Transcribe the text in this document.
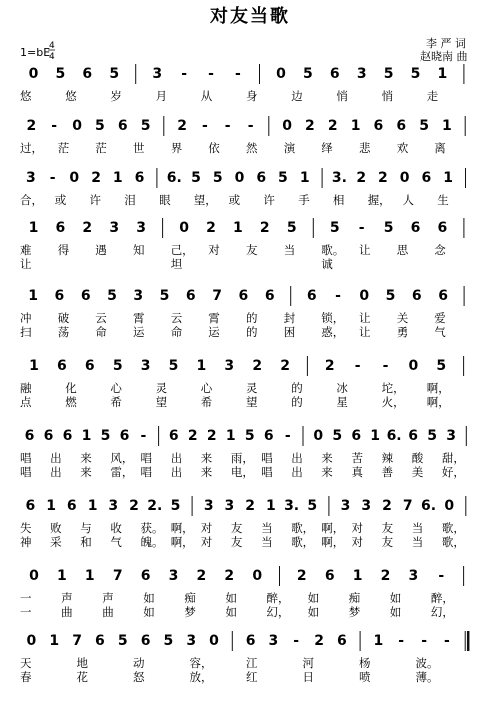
对友当歌
李 严 词
赵晓南 曲
1=bE
4
4
0 5 6 5 3 - - -	0 5 6 3 5 5 1
悠	悠	岁	月	从	身	边	悄	悄	走
2 - 0 5 6 5 2 - - - 0 2 2 1 6 6 5 1
过， 茫 茫 世 界 依 然 演 绎 悲 欢 离
3 - 0 2 1 6 6. 5 5 0 6 5 1 3. 2 2 0 6 1
合， 或 许 泪 眼 望， 或 许 手 相 握， 人 生
1 6 2 3 3 0 2 1 2 5 5 - 5 6 6
难 得 遇 知 己， 对 友 当 歌。 让 思 念
让	坦	诚
1 6 6 5 3 5 6 7 6 6 6 - 0 5 6 6
冲 破 云 霄 云 霄 的 封 锁， 让 关 爱
扫 荡 命 运 命 运 的 困 惑， 让 勇 气
1 6 6 5 3 5 1 3 2 2 2 - - 0 5
融	化	心	灵	心	灵	的	冰	坨， 啊，
点	燃	希	望	希	望	的	星	火， 啊，
6 6 6 1 5 6 - 6 2 2 1 5 6 - 0 5 6 1 6. 6 5 3
唱 出 来 风， 唱 出 来 雨， 唱 出 来 苦 辣 酸 甜，
唱 出 来 雷， 唱 出 来 电， 唱 出 来 真 善 美 好，
6 1 6 1 3 2 2. 5 3 3 2 1 3. 5 3 3 2 7 6. 0
失 败 与 收 获。 啊， 对 友 当 歌， 啊， 对 友 当 歌，
神 采 和 气 魄。 啊， 对 友 当 歌， 啊， 对 友 当 歌，
0 1 1 7 6 3 2 2 0 2 6 1 2 3 -
一	声	声	如	痴	如	醉， 如	痴	如	醉，
一	曲	曲	如	梦	如	幻， 如	梦	如	幻，
0 1 7 6 5 6 5 3 0 6 3 - 2 6 1 - - -
天	地	动	容，	江	河	杨	波。
春	花	怒	放，	红	日	喷	薄。
